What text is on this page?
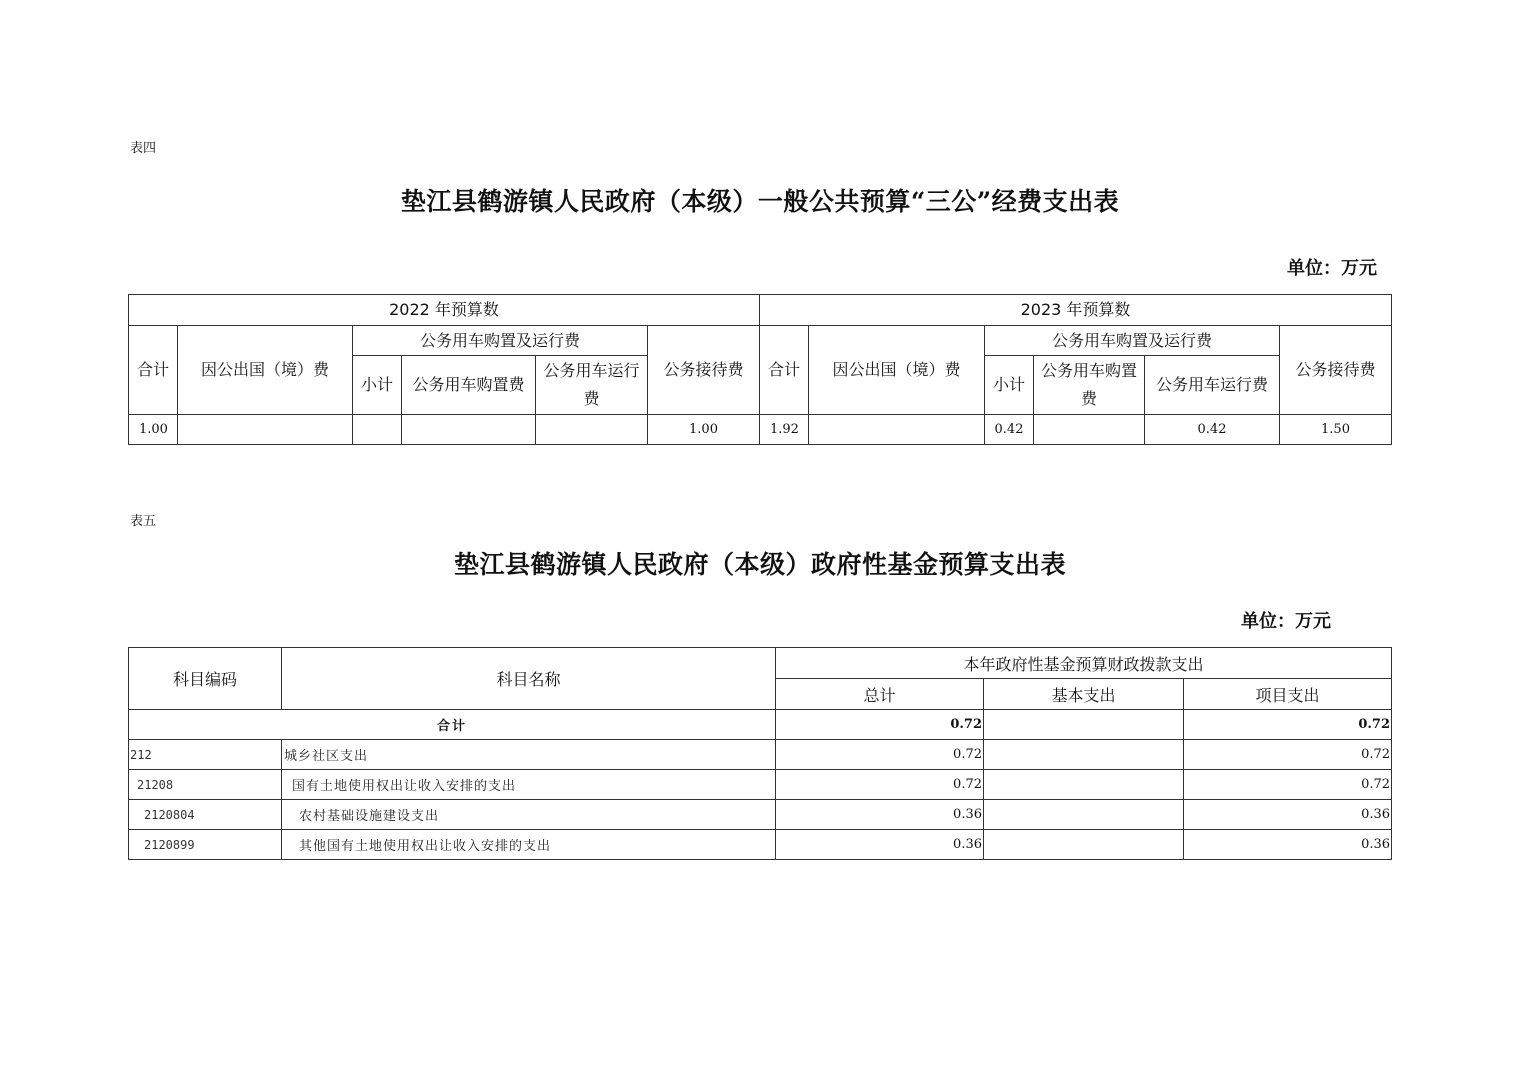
表四
垫江县鹤游镇人民政府（本级）一般公共预算“三公”经费支出表
单位：万元
2022 年预算数						2023 年预算数					
合计	因公出国（境）费	公务用车购置及运行费			公务接待费	合计	因公出国（境）费	公务用车购置及运行费			公务接待费
		小计	公务用车购置费	公务用车运行费				小计	公务用车购置费	公务用车运行费	
1.00					1.00	1.92		0.42		0.42	1.50
表五
垫江县鹤游镇人民政府（本级）政府性基金预算支出表
单位：万元
科目编码	科目名称	本年政府性基金预算财政拨款支出		
		总计	基本支出	项目支出
合计		0.72		0.72
212	城乡社区支出	0.72		0.72
21208	国有土地使用权出让收入安排的支出	0.72		0.72
2120804	农村基础设施建设支出	0.36		0.36
2120899	其他国有土地使用权出让收入安排的支出	0.36		0.36
